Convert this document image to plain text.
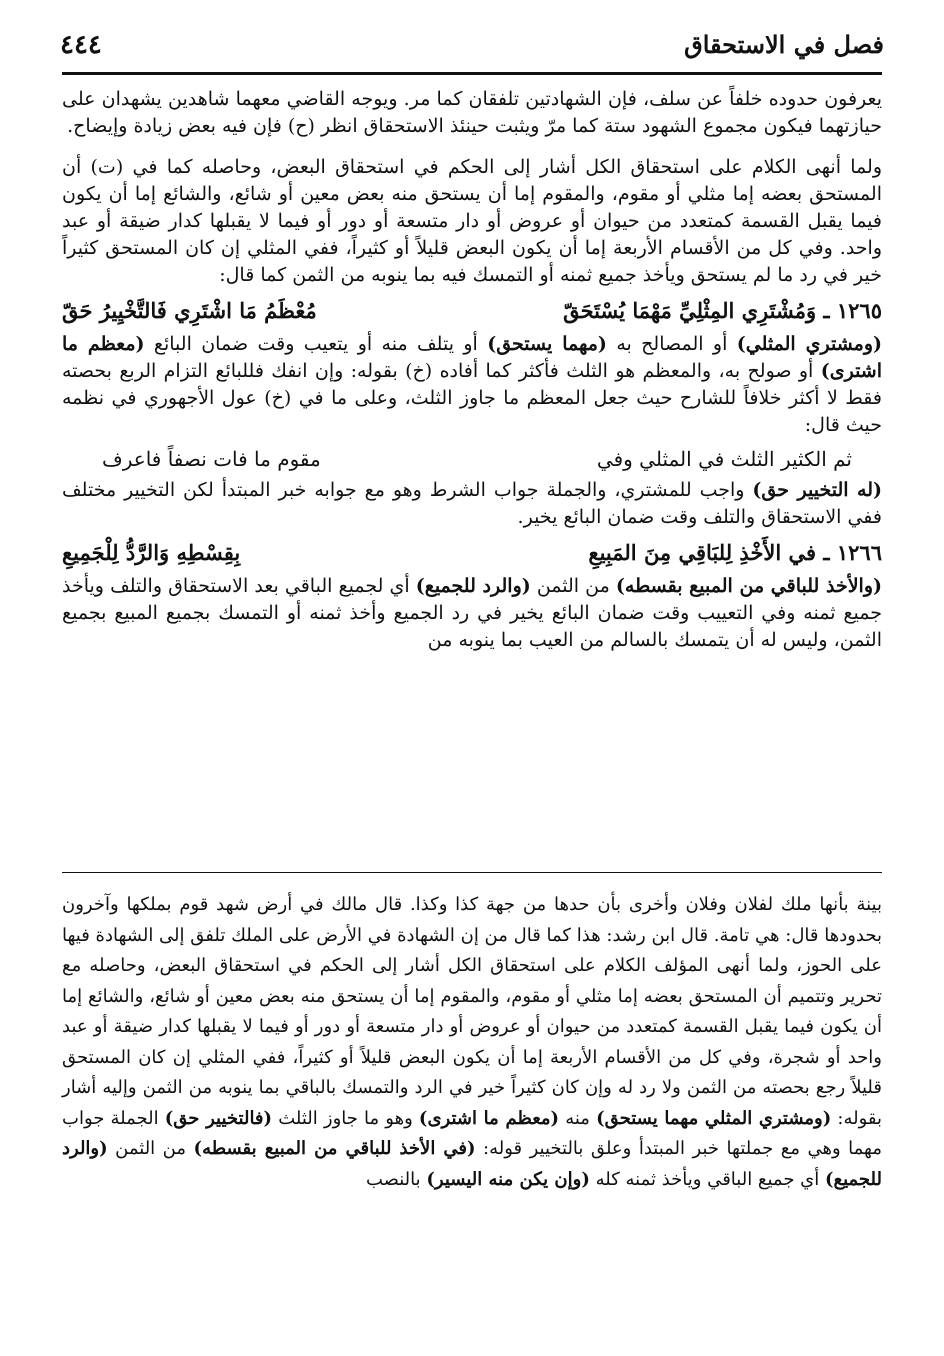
فصل في الاستحقاق
٤٤٤

يعرفون حدوده خلفاً عن سلف، فإن الشهادتين تلفقان كما مر. ويوجه القاضي معهما شاهدين يشهدان على حيازتهما فيكون مجموع الشهود ستة كما مرّ ويثبت حينئذ الاستحقاق انظر (ح) فإن فيه بعض زيادة وإيضاح.

ولما أنهى الكلام على استحقاق الكل أشار إلى الحكم في استحقاق البعض، وحاصله كما في (ت) أن المستحق بعضه إما مثلي أو مقوم، والمقوم إما أن يستحق منه بعض معين أو شائع، والشائع إما أن يكون فيما يقبل القسمة كمتعدد من حيوان أو عروض أو دار متسعة أو دور أو فيما لا يقبلها كدار ضيقة أو عبد واحد. وفي كل من الأقسام الأربعة إما أن يكون البعض قليلاً أو كثيراً، ففي المثلي إن كان المستحق كثيراً خير في رد ما لم يستحق ويأخذ جميع ثمنه أو التمسك فيه بما ينوبه من الثمن كما قال:

١٢٦٥ ـ وَمُشْتَرِي المِثْلِيِّ مَهْمَا يُسْتَحَقّ
مُعْظَمُ مَا اشْتَرِي فَالتَّخْيِيرُ حَقّ

(ومشتري المثلي) أو المصالح به (مهما يستحق) أو يتلف منه أو يتعيب وقت ضمان البائع (معظم ما اشترى) أو صولح به، والمعظم هو الثلث فأكثر كما أفاده (خ) بقوله: وإن انفك فللبائع التزام الربع بحصته فقط لا أكثر خلافاً للشارح حيث جعل المعظم ما جاوز الثلث، وعلى ما في (خ) عول الأجهوري في نظمه حيث قال:

ثم الكثير الثلث في المثلي وفي
مقوم ما فات نصفاً فاعرف

(له التخيير حق) واجب للمشتري، والجملة جواب الشرط وهو مع جوابه خبر المبتدأ لكن التخيير مختلف ففي الاستحقاق والتلف وقت ضمان البائع يخير.

١٢٦٦ ـ في الأَخْذِ لِلبَاقِي مِنَ المَبِيعِ
بِقِسْطِهِ وَالرَّدُّ لِلْجَمِيعِ

(والأخذ للباقي من المبيع بقسطه) من الثمن (والرد للجميع) أي لجميع الباقي بعد الاستحقاق والتلف ويأخذ جميع ثمنه وفي التعييب وقت ضمان البائع يخير في رد الجميع وأخذ ثمنه أو التمسك بجميع المبيع بجميع الثمن، وليس له أن يتمسك بالسالم من العيب بما ينوبه من

بينة بأنها ملك لفلان وفلان وأخرى بأن حدها من جهة كذا وكذا. قال مالك في أرض شهد قوم بملكها وآخرون بحدودها قال: هي تامة. قال ابن رشد: هذا كما قال من إن الشهادة في الأرض على الملك تلفق إلى الشهادة فيها على الحوز، ولما أنهى المؤلف الكلام على استحقاق الكل أشار إلى الحكم في استحقاق البعض، وحاصله مع تحرير وتتميم أن المستحق بعضه إما مثلي أو مقوم، والمقوم إما أن يستحق منه بعض معين أو شائع، والشائع إما أن يكون فيما يقبل القسمة كمتعدد من حيوان أو عروض أو دار متسعة أو دور أو فيما لا يقبلها كدار ضيقة أو عبد واحد أو شجرة، وفي كل من الأقسام الأربعة إما أن يكون البعض قليلاً أو كثيراً، ففي المثلي إن كان المستحق قليلاً رجع بحصته من الثمن ولا رد له وإن كان كثيراً خير في الرد والتمسك بالباقي بما ينوبه من الثمن وإليه أشار بقوله: (ومشتري المثلي مهما يستحق) منه (معظم ما اشترى) وهو ما جاوز الثلث (فالتخيير حق) الجملة جواب مهما وهي مع جملتها خبر المبتدأ وعلق بالتخيير قوله: (في الأخذ للباقي من المبيع بقسطه) من الثمن (والرد للجميع) أي جميع الباقي ويأخذ ثمنه كله (وإن يكن منه اليسير) بالنصب
